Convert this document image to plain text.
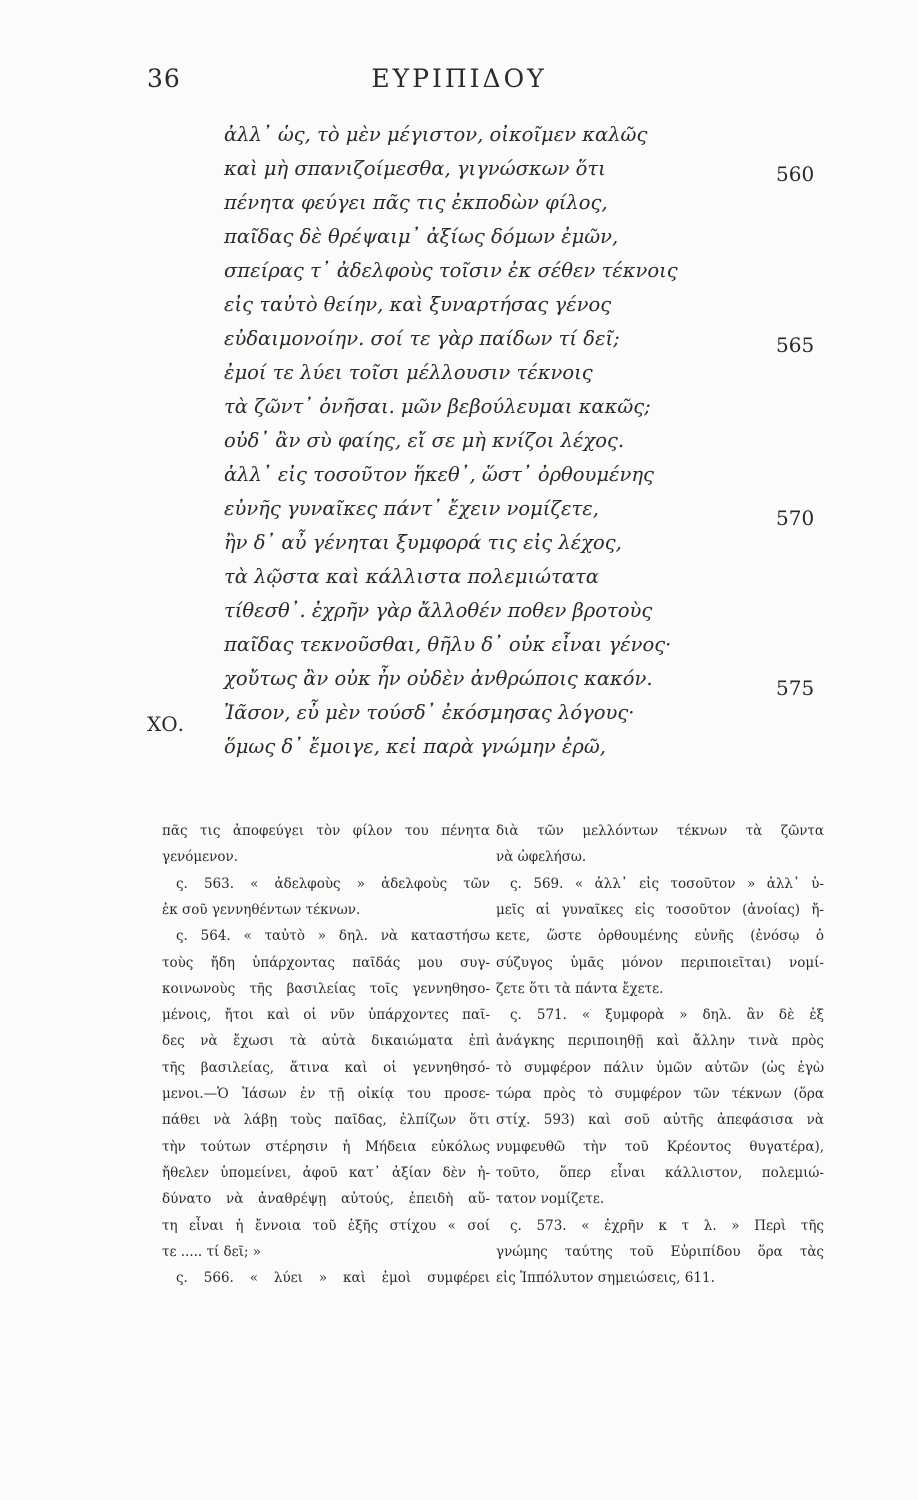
36	ΕΥΡΙΠΙΔΟΥ
ἀλλ᾽ ὡς, τὸ μὲν μέγιστον, οἰκοῖμεν καλῶς
καὶ μὴ σπανιζοίμεσθα, γιγνώσκων ὅτι
πένητα φεύγει πᾶς τις ἐκποδὼν φίλος,
παῖδας δὲ θρέψαιμ᾽ ἀξίως δόμων ἐμῶν,
σπείρας τ᾽ ἀδελφοὺς τοῖσιν ἐκ σέθεν τέκνοις
εἰς ταὐτὸ θείην, καὶ ξυναρτήσας γένος
εὐδαιμονοίην. σοί τε γὰρ παίδων τί δεῖ;
ἐμοί τε λύει τοῖσι μέλλουσιν τέκνοις
τὰ ζῶντ᾽ ὀνῆσαι. μῶν βεβούλευμαι κακῶς;
οὐδ᾽ ἂν σὺ φαίης, εἴ σε μὴ κνίζοι λέχος.
ἀλλ᾽ εἰς τοσοῦτον ἥκεθ᾽, ὥστ᾽ ὀρθουμένης
εὐνῆς γυναῖκες πάντ᾽ ἔχειν νομίζετε,
ἢν δ᾽ αὖ γένηται ξυμφορά τις εἰς λέχος,
τὰ λῷστα καὶ κάλλιστα πολεμιώτατα
τίθεσθ᾽. ἐχρῆν γὰρ ἄλλοθέν ποθεν βροτοὺς
παῖδας τεκνοῦσθαι, θῆλυ δ᾽ οὐκ εἶναι γένος·
χοὔτως ἂν οὐκ ἦν οὐδὲν ἀνθρώποις κακόν.
Ἰᾶσον, εὖ μὲν τούσδ᾽ ἐκόσμησας λόγους·
ὅμως δ᾽ ἔμοιγε, κεἰ παρὰ γνώμην ἐρῶ,
560
565
570
575
ΧΟ.
πᾶς τις ἀποφεύγει τὸν φίλον του πένητα
γενόμενον.
ς. 563. « ἀδελφοὺς » ἀδελφοὺς τῶν
ἐκ σοῦ γεννηθέντων τέκνων.
ς. 564. « ταὐτὸ » δηλ. νὰ καταστήσω
τοὺς ἤδη ὑπάρχοντας παῖδάς μου συγ-
κοινωνοὺς τῆς βασιλείας τοῖς γεννηθησο-
μένοις, ἤτοι καὶ οἱ νῦν ὑπάρχοντες παῖ-
δες νὰ ἔχωσι τὰ αὐτὰ δικαιώματα ἐπὶ
τῆς βασιλείας, ἅτινα καὶ οἱ γεννηθησό-
μενοι.—Ὁ Ἰάσων ἐν τῇ οἰκίᾳ του προσε-
πάθει νὰ λάβῃ τοὺς παῖδας, ἐλπίζων ὅτι
τὴν τούτων στέρησιν ἡ Μήδεια εὐκόλως
ἤθελεν ὑπομείνει, ἀφοῦ κατ᾽ ἀξίαν δὲν ἠ-
δύνατο νὰ ἀναθρέψῃ αὐτούς, ἐπειδὴ αὕ-
τη εἶναι ἡ ἔννοια τοῦ ἑξῆς στίχου « σοί
τε ..... τί δεῖ; »
ς. 566. « λύει » καὶ ἐμοὶ συμφέρει
διὰ τῶν μελλόντων τέκνων τὰ ζῶντα
νὰ ὠφελήσω.
ς. 569. « ἀλλ᾽ εἰς τοσοῦτον » ἀλλ᾽ ὑ-
μεῖς αἱ γυναῖκες εἰς τοσοῦτον (ἀνοίας) ἤ-
κετε, ὥστε ὀρθουμένης εὐνῆς (ἐνόσῳ ὁ
σύζυγος ὑμᾶς μόνον περιποιεῖται) νομί-
ζετε ὅτι τὰ πάντα ἔχετε.
ς. 571. « ξυμφορὰ » δηλ. ἂν δὲ ἐξ
ἀνάγκης περιποιηθῇ καὶ ἄλλην τινὰ πρὸς
τὸ συμφέρον πάλιν ὑμῶν αὐτῶν (ὡς ἐγὼ
τώρα πρὸς τὸ συμφέρον τῶν τέκνων (ὅρα
στίχ. 593) καὶ σοῦ αὐτῆς ἀπεφάσισα νὰ
νυμφευθῶ τὴν τοῦ Κρέοντος θυγατέρα),
τοῦτο, ὅπερ εἶναι κάλλιστον, πολεμιώ-
τατον νομίζετε.
ς. 573. « ἐχρῆν κ τ λ. » Περὶ τῆς
γνώμης ταύτης τοῦ Εὐριπίδου ὅρα τὰς
εἰς Ἱππόλυτον σημειώσεις, 611.
